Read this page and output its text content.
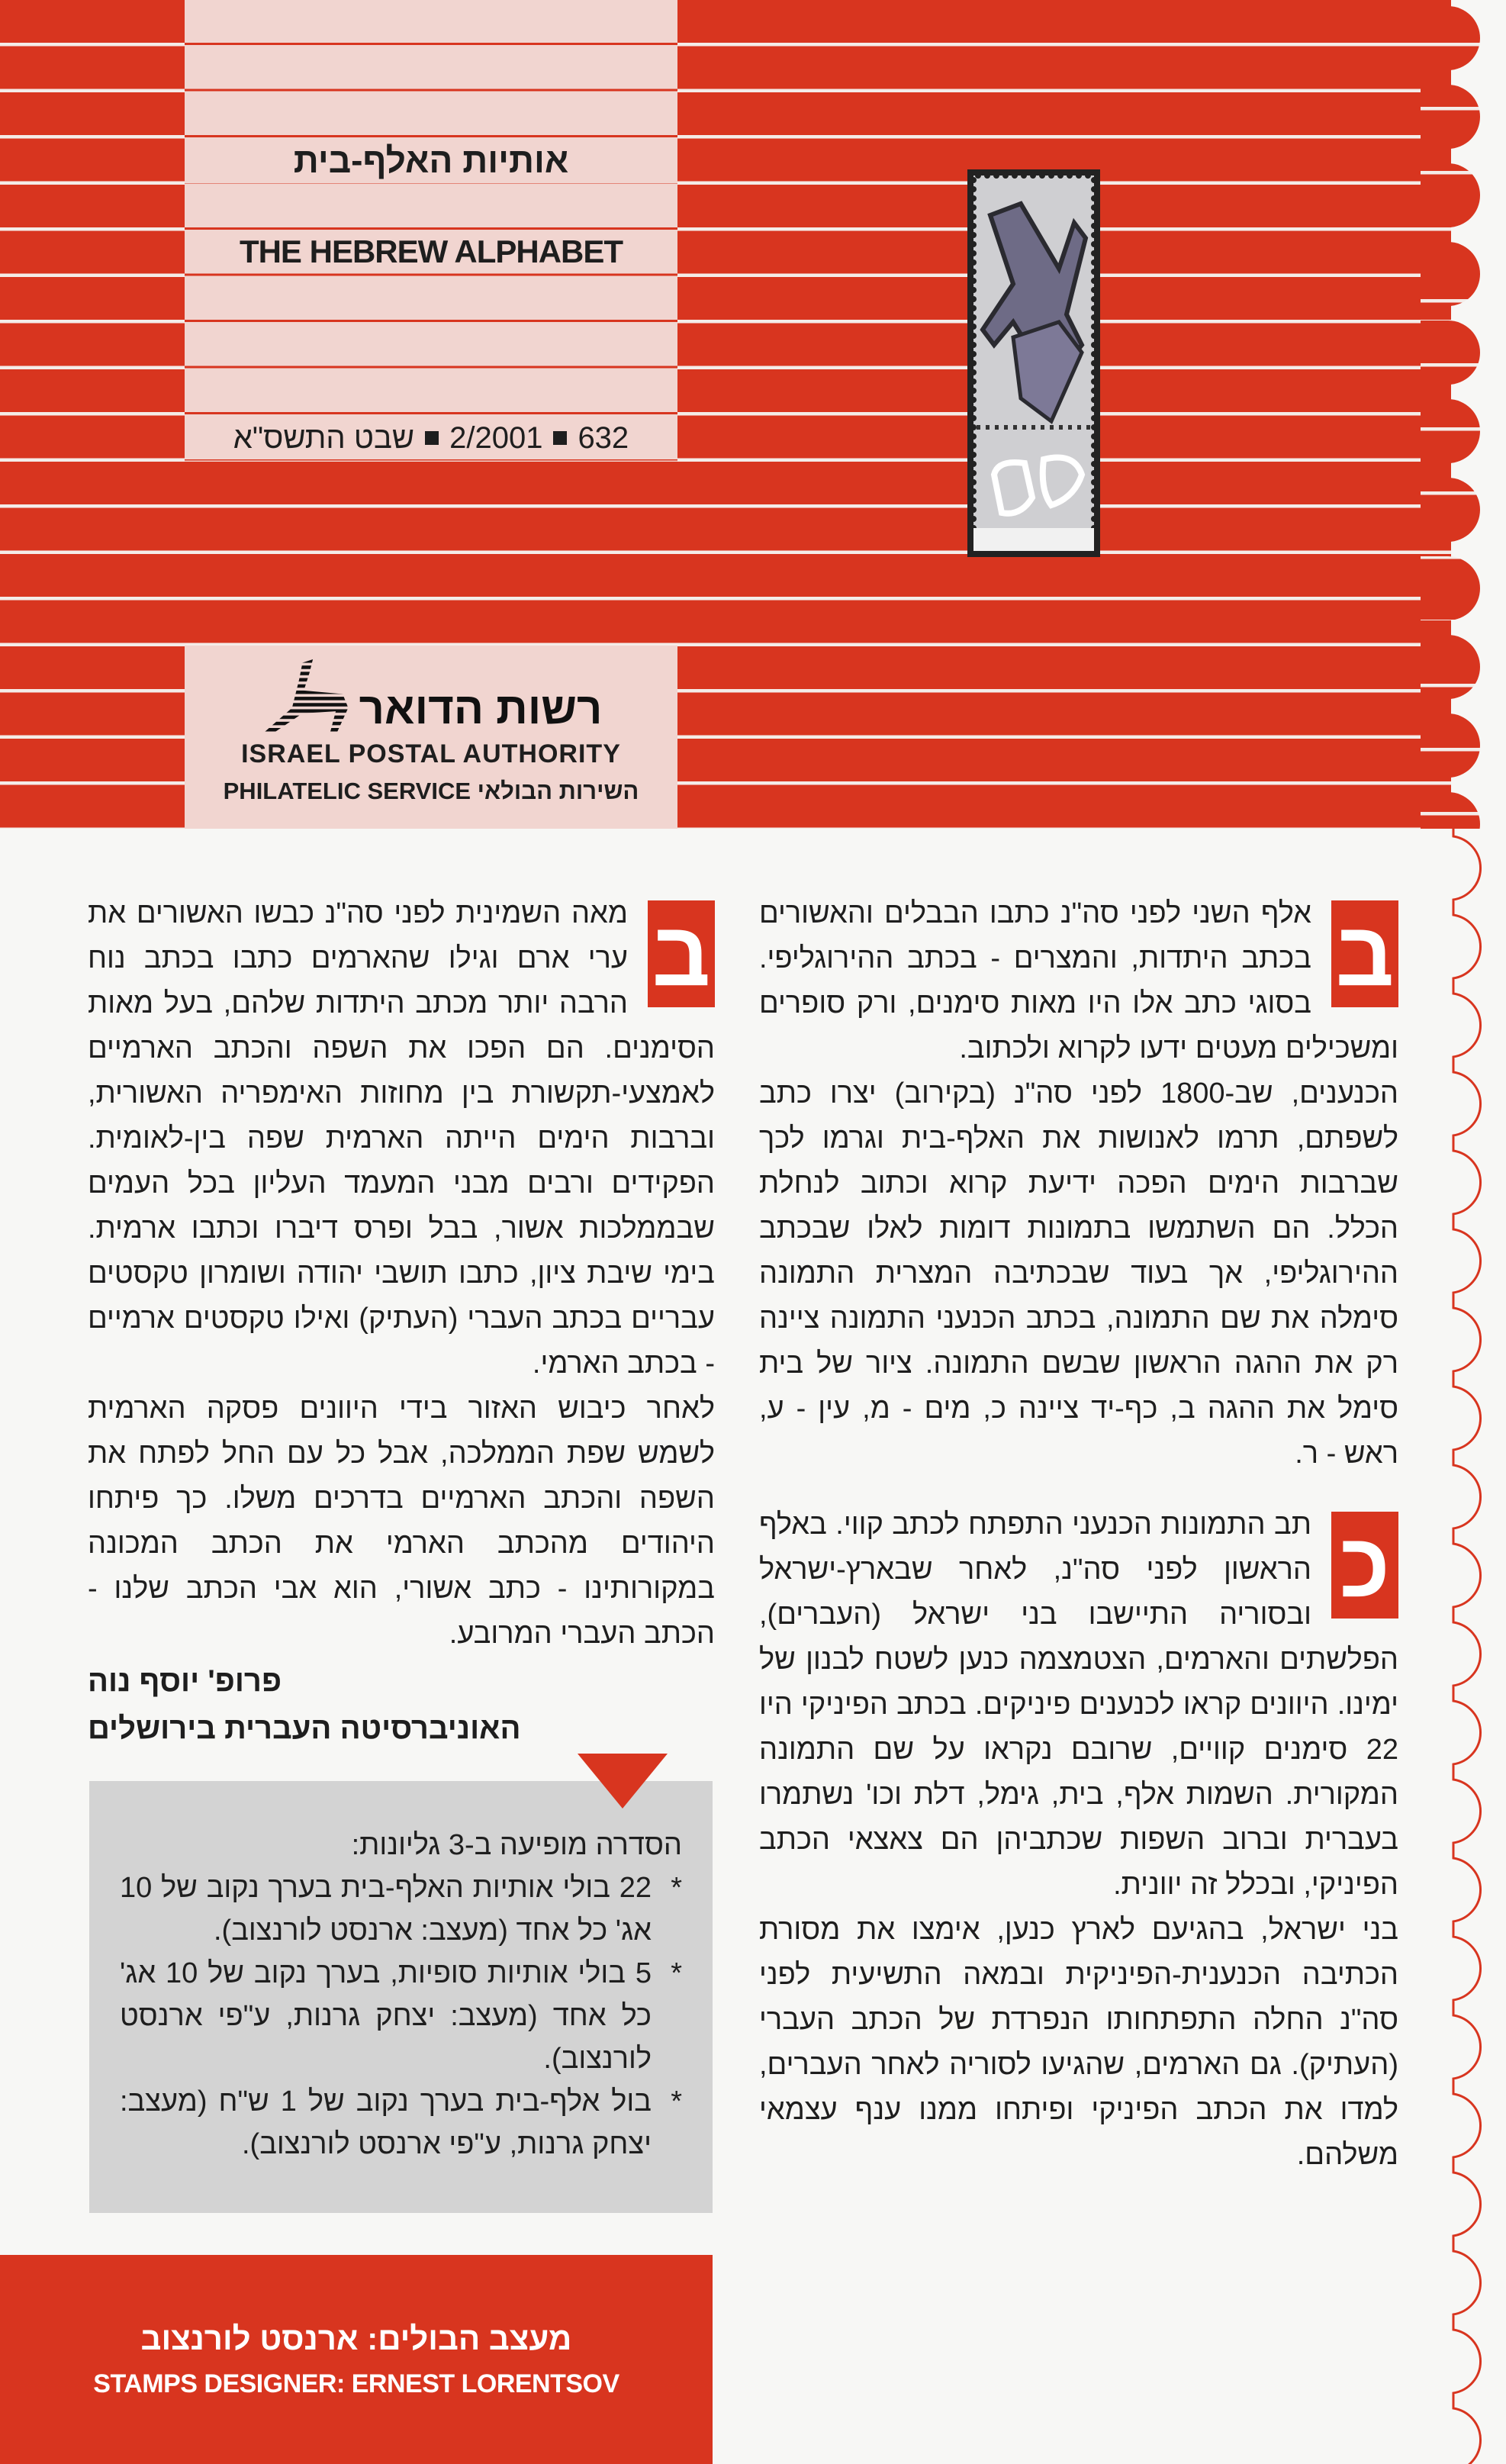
אותיות האלף-בית
THE HEBREW ALPHABET
שבט התשס"א 2/2001 632
רשות הדואר
ISRAEL POSTAL AUTHORITY
PHILATELIC SERVICE השירות הבולאי
ב

אלף השני לפני סה"נ כתבו הבבלים והאשורים בכתב היתדות, והמצרים - בכתב ההירוגליפי. בסוגי כתב אלו היו מאות סימנים, ורק סופרים ומשכילים מעטים ידעו לקרוא ולכתוב.

הכנענים, שב-1800 לפני סה"נ (בקירוב) יצרו כתב לשפתם, תרמו לאנושות את האלף-בית וגרמו לכך שברבות הימים הפכה ידיעת קרוא וכתוב לנחלת הכלל. הם השתמשו בתמונות דומות לאלו שבכתב ההירוגליפי, אך בעוד שבכתיבה המצרית התמונה סימלה את שם התמונה, בכתב הכנעני התמונה ציינה רק את ההגה הראשון שבשם התמונה. ציור של בית סימל את ההגה ב, כף-יד ציינה כ, מים - מ, עין - ע, ראש - ר.

כ

תב התמונות הכנעני התפתח לכתב קווי. באלף הראשון לפני סה"נ, לאחר שבארץ-ישראל ובסוריה התיישבו בני ישראל (העברים), הפלשתים והארמים, הצטמצמה כנען לשטח לבנון של ימינו. היוונים קראו לכנענים פיניקים. בכתב הפיניקי היו 22 סימנים קוויים, שרובם נקראו על שם התמונה המקורית. השמות אלף, בית, גימל, דלת וכו' נשתמרו בעברית וברוב השפות שכתביהן הם צאצאי הכתב הפיניקי, ובכלל זה יוונית.

בני ישראל, בהגיעם לארץ כנען, אימצו את מסורת הכתיבה הכנענית-הפיניקית ובמאה התשיעית לפני סה"נ החלה התפתחותו הנפרדת של הכתב העברי (העתיק). גם הארמים, שהגיעו לסוריה לאחר העברים, למדו את הכתב הפיניקי ופיתחו ממנו ענף עצמאי משלהם.

ב

מאה השמינית לפני סה"נ כבשו האשורים את ערי ארם וגילו שהארמים כתבו בכתב נוח הרבה יותר מכתב היתדות שלהם, בעל מאות הסימנים. הם הפכו את השפה והכתב הארמיים לאמצעי-תקשורת בין מחוזות האימפריה האשורית, וברבות הימים הייתה הארמית שפה בין-לאומית. הפקידים ורבים מבני המעמד העליון בכל העמים שבממלכות אשור, בבל ופרס דיברו וכתבו ארמית. בימי שיבת ציון, כתבו תושבי יהודה ושומרון טקסטים עבריים בכתב העברי (העתיק) ואילו טקסטים ארמיים - בכתב הארמי.

לאחר כיבוש האזור בידי היוונים פסקה הארמית לשמש שפת הממלכה, אבל כל עם החל לפתח את השפה והכתב הארמיים בדרכים משלו. כך פיתחו היהודים מהכתב הארמי את הכתב המכונה במקורותינו - כתב אשורי, הוא אבי הכתב שלנו - הכתב העברי המרובע.

פרופ' יוסף נוה
האוניברסיטה העברית בירושלים
הסדרה מופיעה ב-3 גליונות:
*
22 בולי אותיות האלף-בית בערך נקוב של 10 אג' כל אחד (מעצב: ארנסט לורנצוב).
*
5 בולי אותיות סופיות, בערך נקוב של 10 אג' כל אחד (מעצב: יצחק גרנות, ע"פי ארנסט לורנצוב).
*
בול אלף-בית בערך נקוב של 1 ש"ח (מעצב: יצחק גרנות, ע"פי ארנסט לורנצוב).
מעצב הבולים: ארנסט לורנצוב
STAMPS DESIGNER: ERNEST LORENTSOV
